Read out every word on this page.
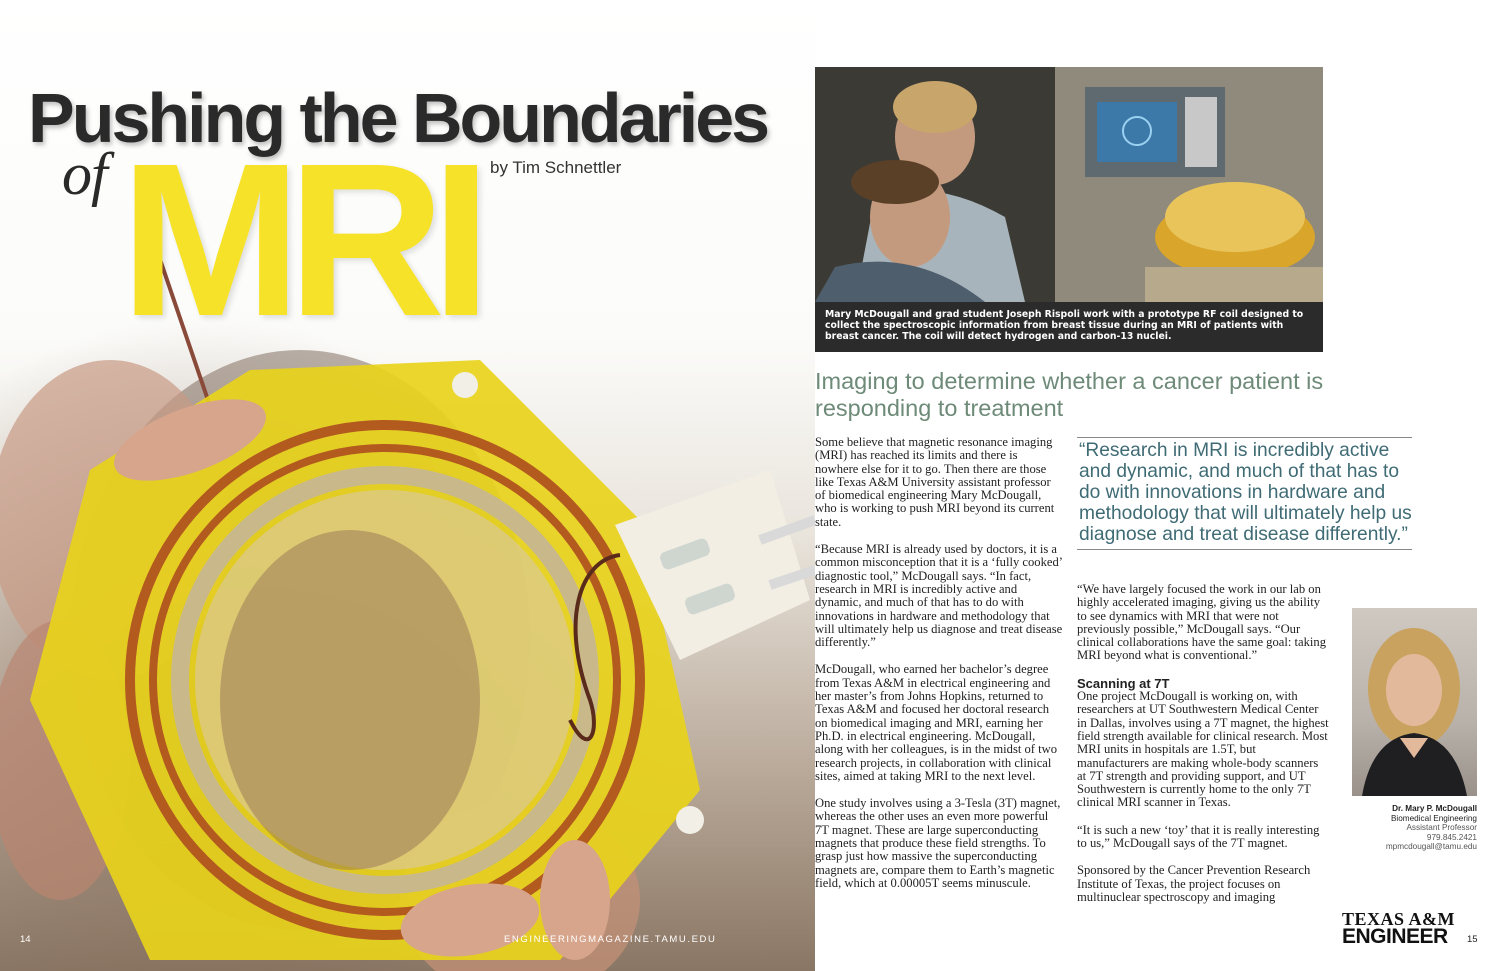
Pushing the Boundaries
of MRI by Tim Schnettler
14	ENGINEERINGMAGAZINE.TAMU.EDU
Mary McDougall and grad student Joseph Rispoli work with a prototype RF coil designed to collect the spectroscopic information from breast tissue during an MRI of patients with breast cancer. The coil will detect hydrogen and carbon-13 nuclei.
Imaging to determine whether a cancer patient is responding to treatment

Some believe that magnetic resonance imaging (MRI) has reached its limits and there is nowhere else for it to go. Then there are those like Texas A&M University assistant professor of biomedical engineering Mary McDougall, who is working to push MRI beyond its current state.

“Because MRI is already used by doctors, it is a common misconception that it is a ‘fully cooked’ diagnostic tool,” McDougall says. “In fact, research in MRI is incredibly active and dynamic, and much of that has to do with innovations in hardware and methodology that will ultimately help us diagnose and treat disease differently.”

McDougall, who earned her bachelor’s degree from Texas A&M in electrical engineering and her master’s from Johns Hopkins, returned to Texas A&M and focused her doctoral research on biomedical imaging and MRI, earning her Ph.D. in electrical engineering. McDougall, along with her colleagues, is in the midst of two research projects, in collaboration with clinical sites, aimed at taking MRI to the next level.

One study involves using a 3-Tesla (3T) magnet, whereas the other uses an even more powerful 7T magnet. These are large superconducting magnets that produce these field strengths. To grasp just how massive the superconducting magnets are, compare them to Earth’s magnetic field, which at 0.00005T seems minuscule.

“Research in MRI is incredibly active and dynamic, and much of that has to do with innovations in hardware and methodology that will ultimately help us diagnose and treat disease differently.”

“We have largely focused the work in our lab on highly accelerated imaging, giving us the ability to see dynamics with MRI that were not previously possible,” McDougall says. “Our clinical collaborations have the same goal: taking MRI beyond what is conventional.”

Scanning at 7T

One project McDougall is working on, with researchers at UT Southwestern Medical Center in Dallas, involves using a 7T magnet, the highest field strength available for clinical research. Most MRI units in hospitals are 1.5T, but manufacturers are making whole-body scanners at 7T strength and providing support, and UT Southwestern is currently home to the only 7T clinical MRI scanner in Texas.

“It is such a new ‘toy’ that it is really interesting to us,” McDougall says of the 7T magnet.

Sponsored by the Cancer Prevention Research Institute of Texas, the project focuses on multinuclear spectroscopy and imaging

Dr. Mary P. McDougall
Biomedical Engineering
Assistant Professor
979.845.2421
mpmcdougall@tamu.edu
TEXAS A&M
ENGINEER	15
